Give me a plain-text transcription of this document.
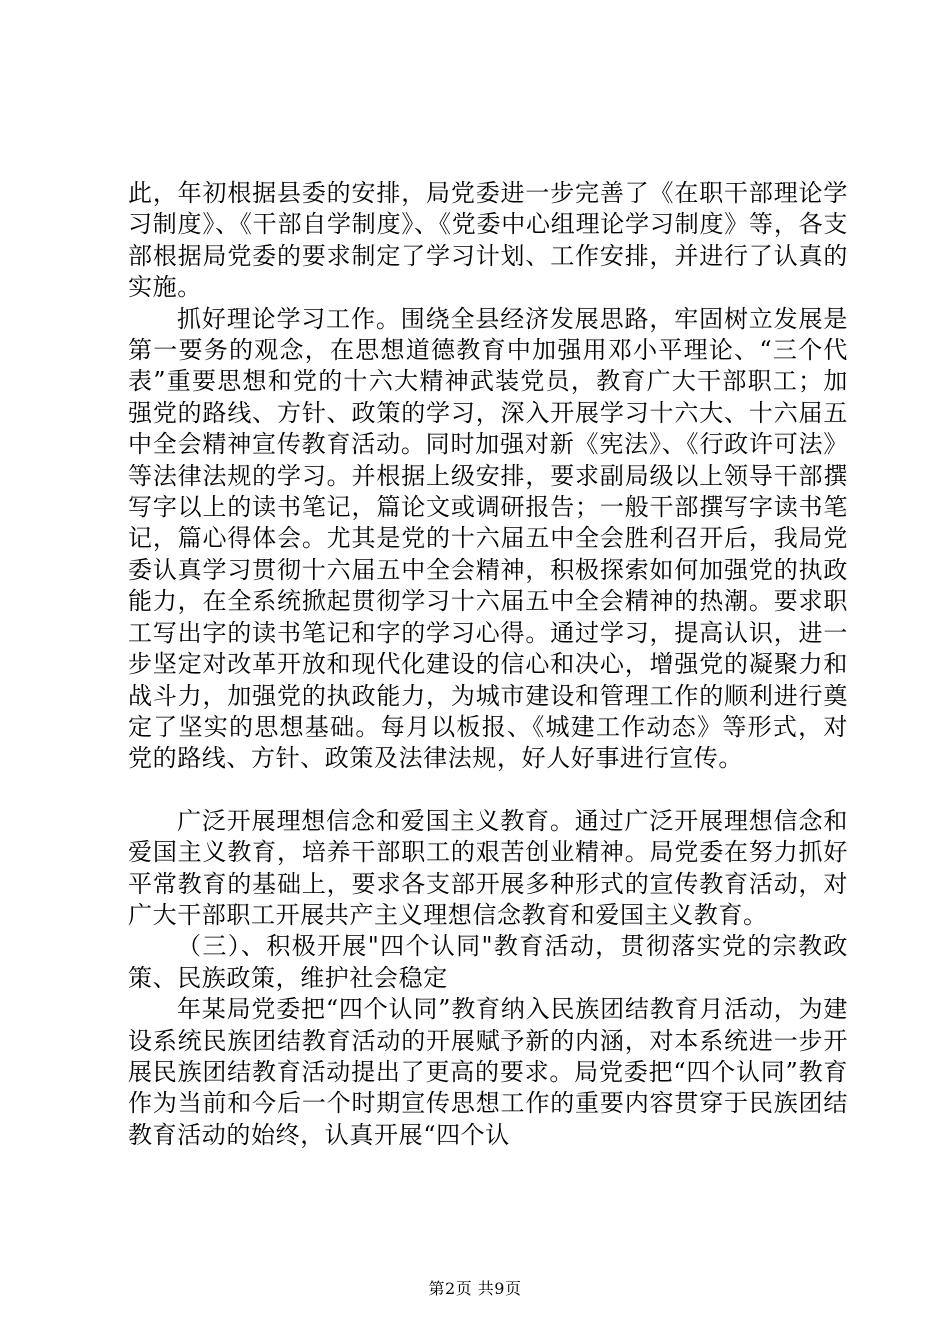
此，年初根据县委的安排，局党委进一步完善了《在职干部理论学习制度》、《干部自学制度》、《党委中心组理论学习制度》等，各支部根据局党委的要求制定了学习计划、工作安排，并进行了认真的实施。

抓好理论学习工作。围绕全县经济发展思路，牢固树立发展是第一要务的观念，在思想道德教育中加强用邓小平理论、“三个代表”重要思想和党的十六大精神武装党员，教育广大干部职工；加强党的路线、方针、政策的学习，深入开展学习十六大、十六届五中全会精神宣传教育活动。同时加强对新《宪法》、《行政许可法》等法律法规的学习。并根据上级安排，要求副局级以上领导干部撰写字以上的读书笔记，篇论文或调研报告；一般干部撰写字读书笔记，篇心得体会。尤其是党的十六届五中全会胜利召开后，我局党委认真学习贯彻十六届五中全会精神，积极探索如何加强党的执政能力，在全系统掀起贯彻学习十六届五中全会精神的热潮。要求职工写出字的读书笔记和字的学习心得。通过学习，提高认识，进一步坚定对改革开放和现代化建设的信心和决心，增强党的凝聚力和战斗力，加强党的执政能力，为城市建设和管理工作的顺利进行奠定了坚实的思想基础。每月以板报、《城建工作动态》等形式，对党的路线、方针、政策及法律法规，好人好事进行宣传。

广泛开展理想信念和爱国主义教育。通过广泛开展理想信念和爱国主义教育，培养干部职工的艰苦创业精神。局党委在努力抓好平常教育的基础上，要求各支部开展多种形式的宣传教育活动，对广大干部职工开展共产主义理想信念教育和爱国主义教育。

（三）、积极开展"四个认同"教育活动，贯彻落实党的宗教政策、民族政策，维护社会稳定

年某局党委把“四个认同”教育纳入民族团结教育月活动，为建设系统民族团结教育活动的开展赋予新的内涵，对本系统进一步开展民族团结教育活动提出了更高的要求。局党委把“四个认同”教育作为当前和今后一个时期宣传思想工作的重要内容贯穿于民族团结教育活动的始终，认真开展“四个认

第2页 共9页
